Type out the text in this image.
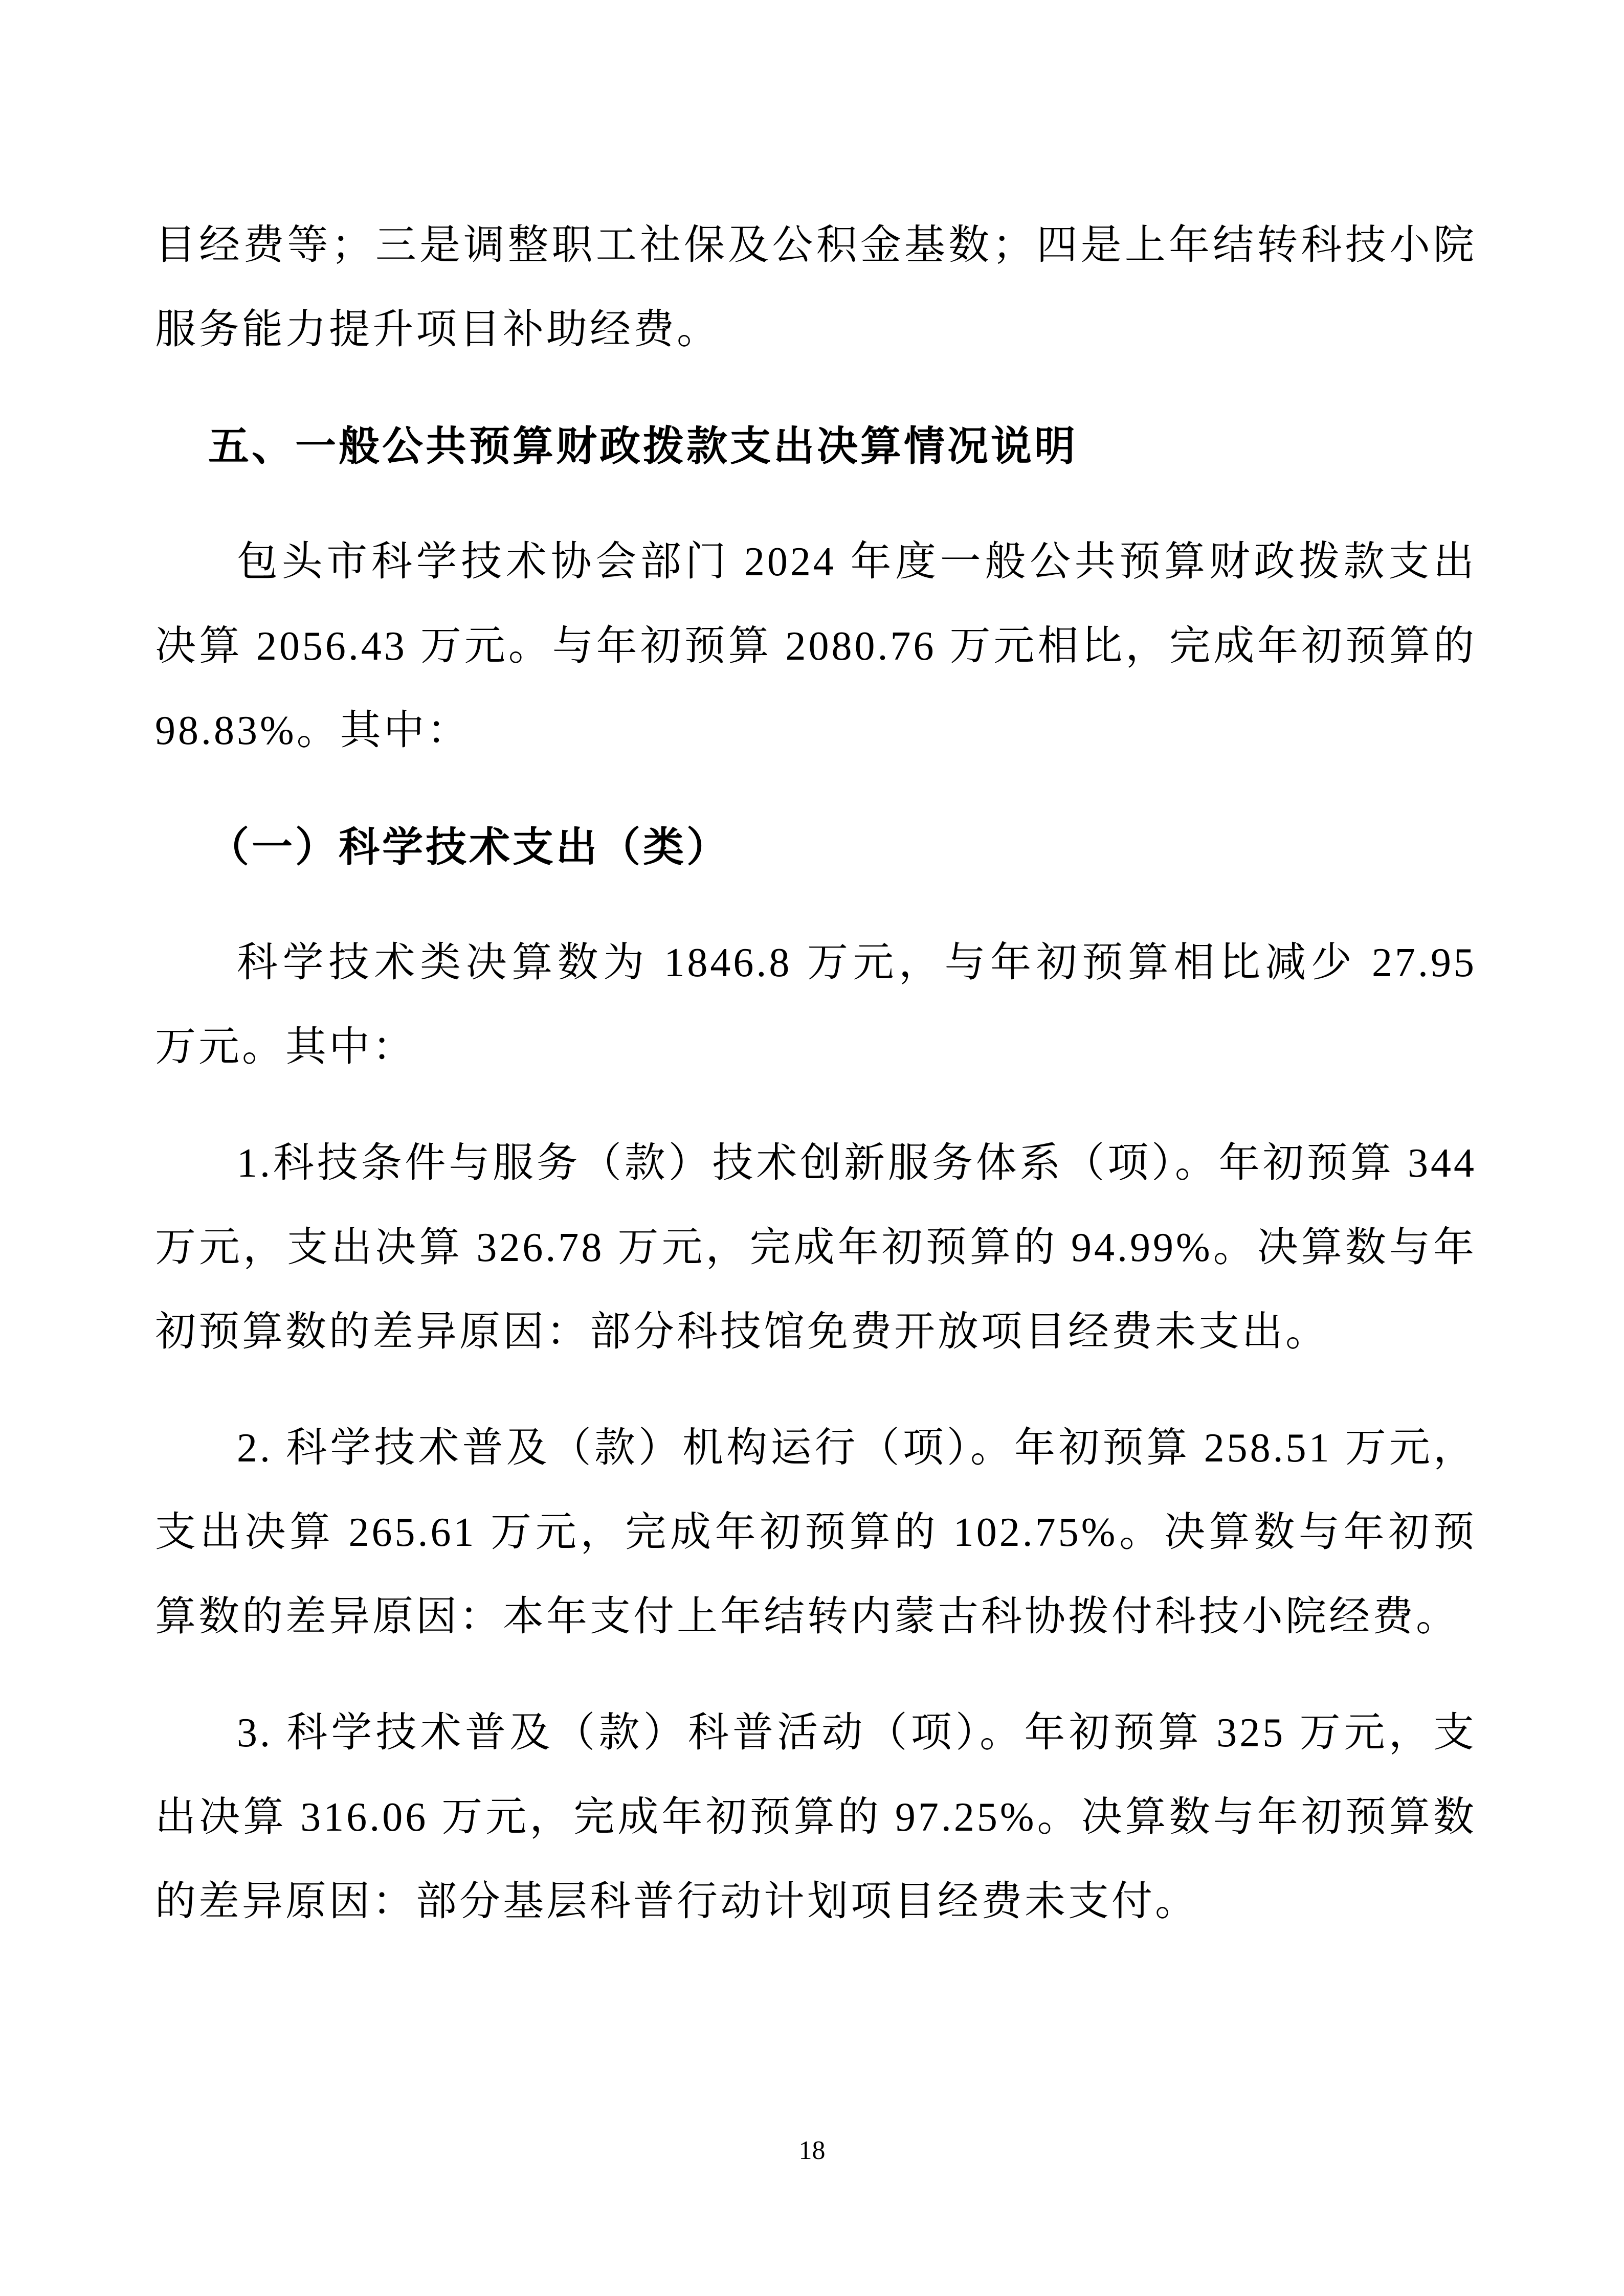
目经费等；三是调整职工社保及公积金基数；四是上年结转科技小院服务能力提升项目补助经费。

五、一般公共预算财政拨款支出决算情况说明

包头市科学技术协会部门 2024 年度一般公共预算财政拨款支出决算 2056.43 万元。与年初预算 2080.76 万元相比，完成年初预算的 98.83%。其中：

（一）科学技术支出（类）

科学技术类决算数为 1846.8 万元，与年初预算相比减少 27.95 万元。其中：

1.科技条件与服务（款）技术创新服务体系（项）。年初预算 344 万元，支出决算 326.78 万元，完成年初预算的 94.99%。决算数与年初预算数的差异原因：部分科技馆免费开放项目经费未支出。

2. 科学技术普及（款）机构运行（项）。年初预算 258.51 万元，支出决算 265.61 万元，完成年初预算的 102.75%。决算数与年初预算数的差异原因：本年支付上年结转内蒙古科协拨付科技小院经费。

3. 科学技术普及（款）科普活动（项）。年初预算 325 万元，支出决算 316.06 万元，完成年初预算的 97.25%。决算数与年初预算数的差异原因：部分基层科普行动计划项目经费未支付。

18
